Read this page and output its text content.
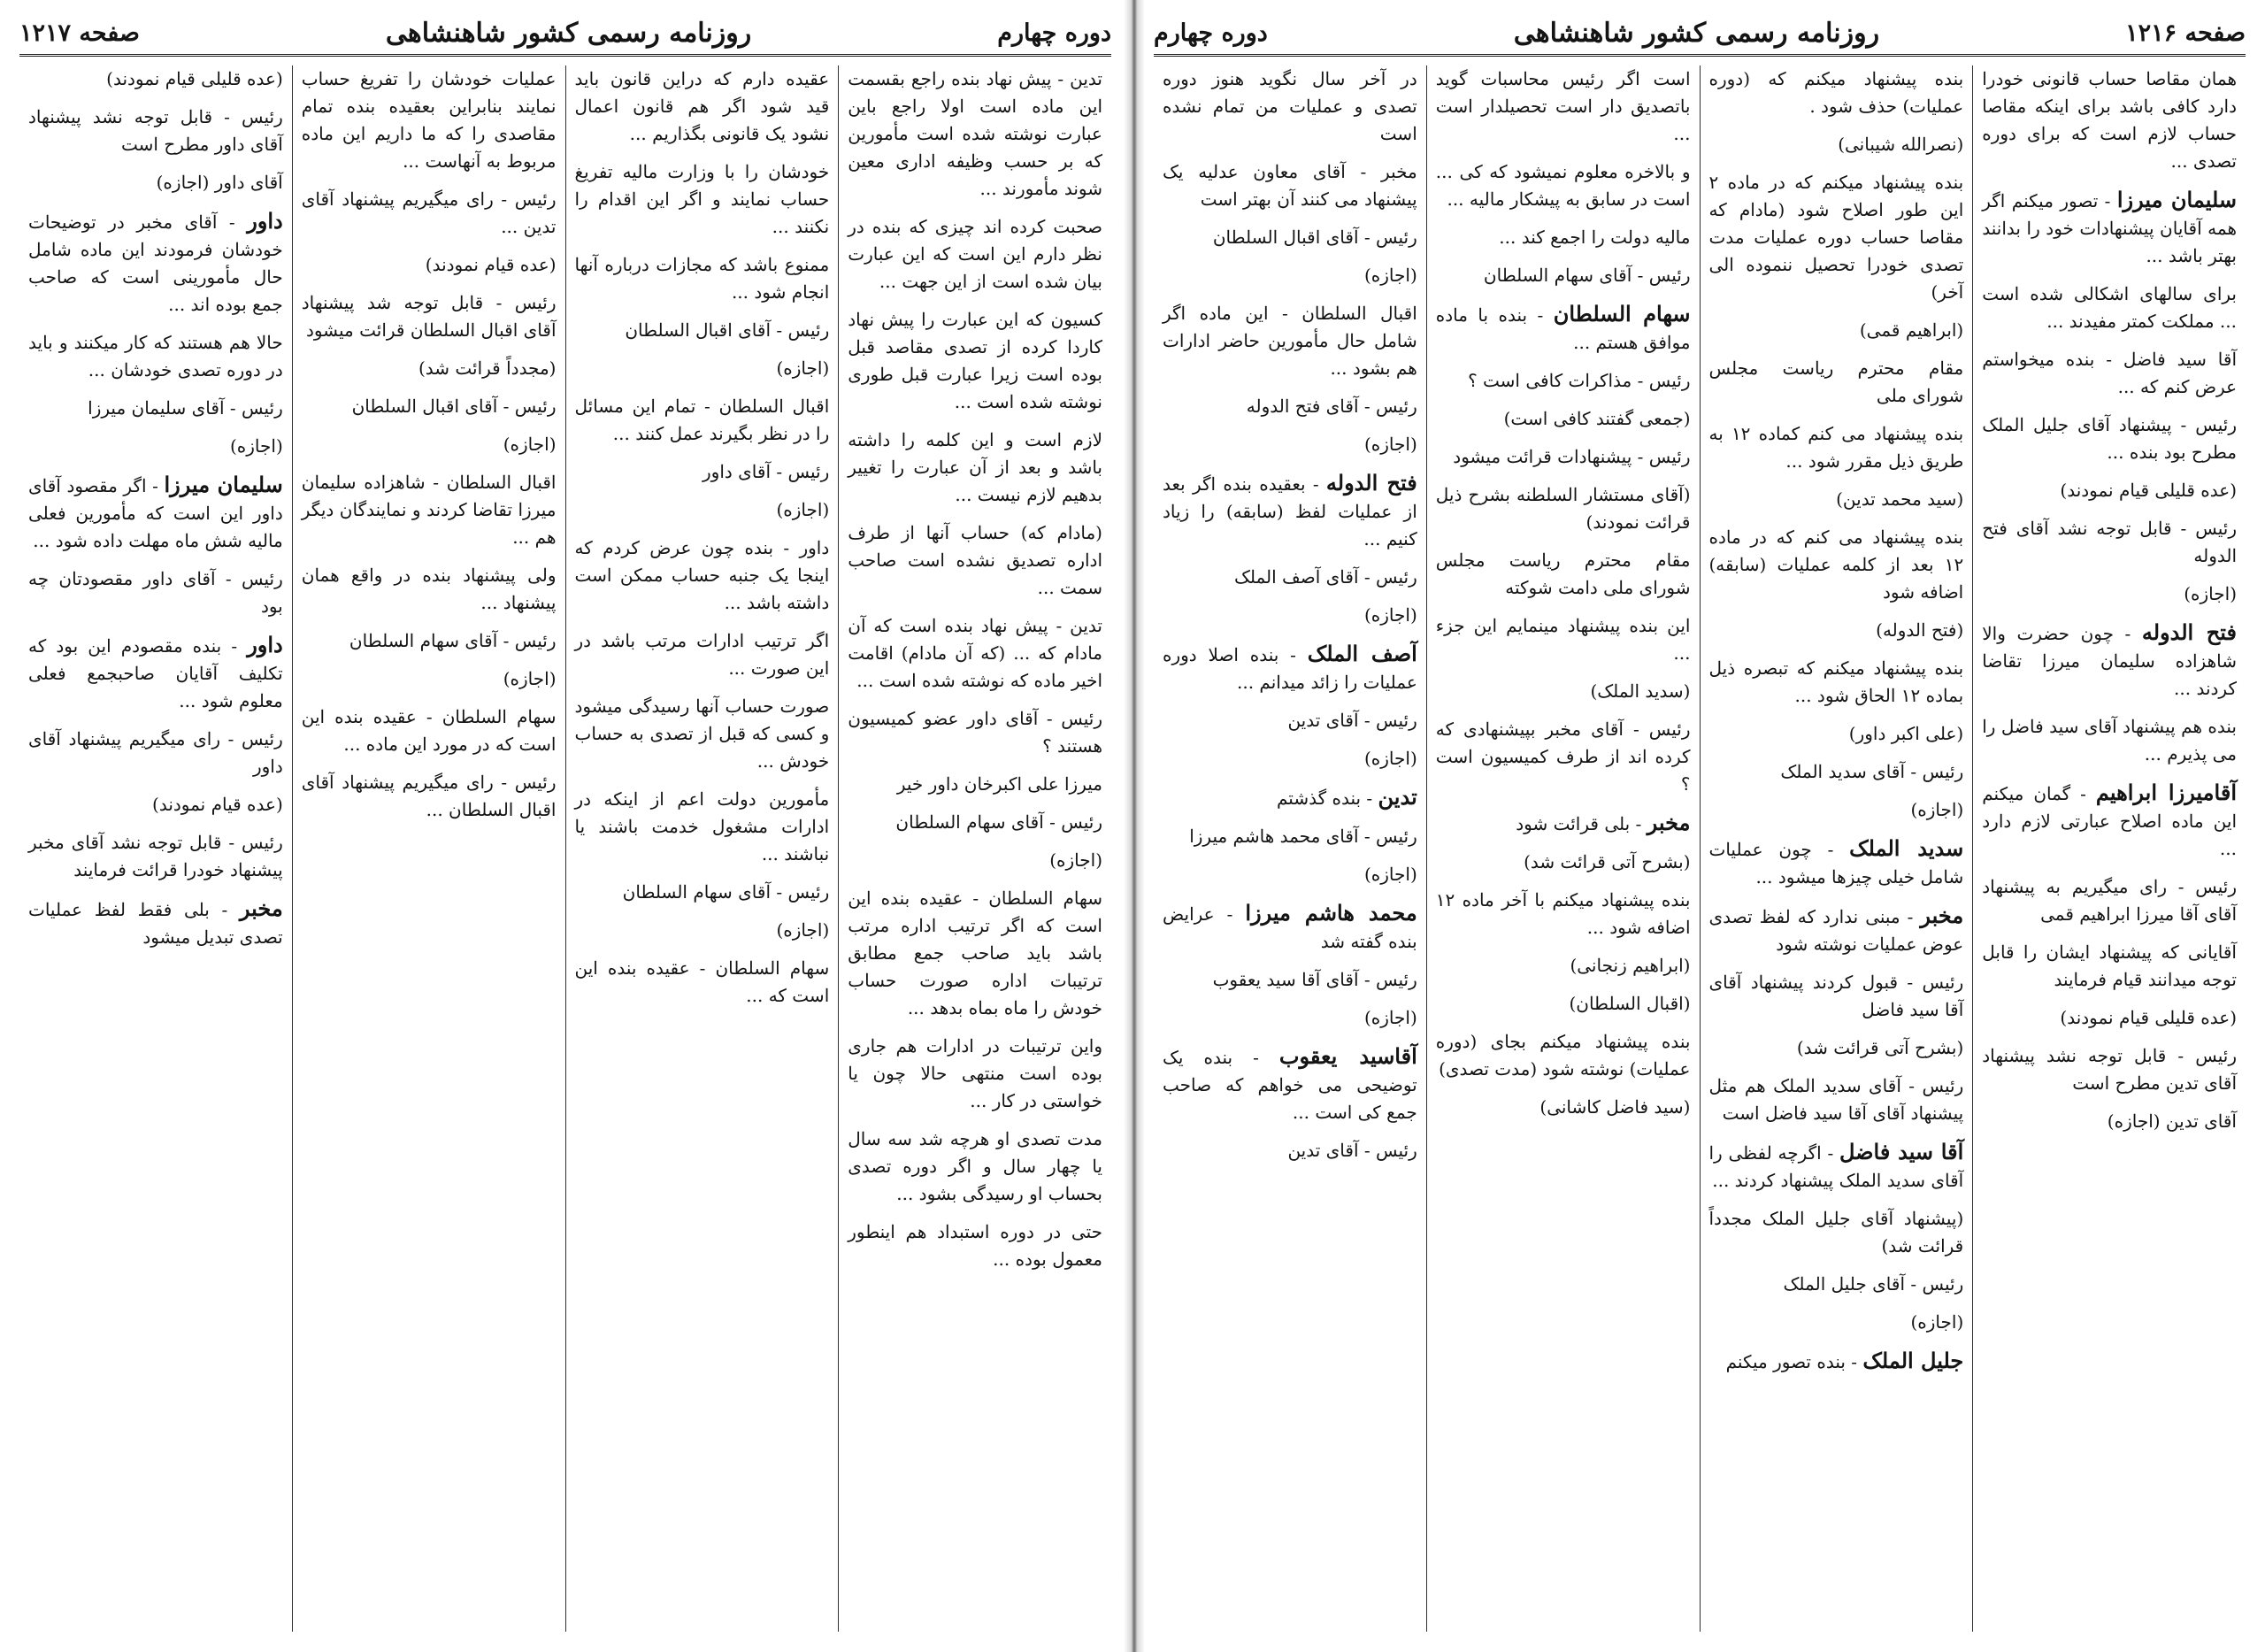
صفحه ۱۲۱۶
روزنامه رسمی کشور شاهنشاهی
دوره چهارم

همان مقاصا حساب قانونی خودرا دارد کافی باشد برای اینکه مقاصا حساب لازم است که برای دوره تصدی ...

سلیمان میرزا - تصور میکنم اگر همه آقایان پیشنهادات خود را بدانند بهتر باشد ...

برای سالهای اشکالی شده است ... مملکت کمتر مفیدند ...

آقا سید فاضل - بنده میخواستم عرض کنم که ...

رئیس - پیشنهاد آقای جلیل الملک مطرح بود بنده ...

(عده قلیلی قیام نمودند)

رئیس - قابل توجه نشد آقای فتح الدوله

(اجازه)

فتح الدوله - چون حضرت والا شاهزاده سلیمان میرزا تقاضا کردند ...

بنده هم پیشنهاد آقای سید فاضل را می پذیرم ...

آقامیرزا ابراهیم - گمان میکنم این ماده اصلاح عبارتی لازم دارد ...

رئیس - رای میگیریم به پیشنهاد آقای آقا میرزا ابراهیم قمی

آقایانی که پیشنهاد ایشان را قابل توجه میدانند قیام فرمایند

(عده قلیلی قیام نمودند)

رئیس - قابل توجه نشد پیشنهاد آقای تدین مطرح است

آقای تدین (اجازه)

بنده پیشنهاد میکنم که (دوره عملیات) حذف شود .

(نصرالله شیبانی)

بنده پیشنهاد میکنم که در ماده ۲ این طور اصلاح شود (مادام که مقاصا حساب دوره عملیات مدت تصدی خودرا تحصیل ننموده الی آخر)

(ابراهیم قمی)

مقام محترم ریاست مجلس شورای ملی

بنده پیشنهاد می کنم کماده ۱۲ به طریق ذیل مقرر شود ...

(سید محمد تدین)

بنده پیشنهاد می کنم که در ماده ۱۲ بعد از کلمه عملیات (سابقه) اضافه شود

(فتح الدوله)

بنده پیشنهاد میکنم که تبصره ذیل بماده ۱۲ الحاق شود ...

(علی اکبر داور)

رئیس - آقای سدید الملک

(اجازه)

سدید الملک - چون عملیات شامل خیلی چیزها میشود ...

مخبر - مبنی ندارد که لفظ تصدی عوض عملیات نوشته شود

رئیس - قبول کردند پیشنهاد آقای آقا سید فاضل

(بشرح آتی قرائت شد)

رئیس - آقای سدید الملک هم مثل پیشنهاد آقای آقا سید فاضل است

آقا سید فاضل - اگرچه لفظی را آقای سدید الملک پیشنهاد کردند ...

(پیشنهاد آقای جلیل الملک مجدداً قرائت شد)

رئیس - آقای جلیل الملک

(اجازه)

جلیل الملک - بنده تصور میکنم

است اگر رئیس محاسبات گوید باتصدیق دار است تحصیلدار است ...

و بالاخره معلوم نمیشود که کی ... است در سابق به پیشکار مالیه ...

مالیه دولت را اجمع کند ...

رئیس - آقای سهام السلطان

سهام السلطان - بنده با ماده موافق هستم ...

رئیس - مذاکرات کافی است ؟

(جمعی گفتند کافی است)

رئیس - پیشنهادات قرائت میشود

(آقای مستشار السلطنه بشرح ذیل قرائت نمودند)

مقام محترم ریاست مجلس شورای ملی دامت شوکته

این بنده پیشنهاد مینمایم این جزء ...

(سدید الملک)

رئیس - آقای مخبر بپیشنهادی که کرده اند از طرف کمیسیون است ؟

مخبر - بلی قرائت شود

(بشرح آتی قرائت شد)

بنده پیشنهاد میکنم با آخر ماده ۱۲ اضافه شود ...

(ابراهیم زنجانی)

(اقبال السلطان)

بنده پیشنهاد میکنم بجای (دوره عملیات) نوشته شود (مدت تصدی)

(سید فاضل کاشانی)

در آخر سال نگوید هنوز دوره تصدی و عملیات من تمام نشده است

مخبر - آقای معاون عدلیه یک پیشنهاد می کنند آن بهتر است

رئیس - آقای اقبال السلطان

(اجازه)

اقبال السلطان - این ماده اگر شامل حال مأمورین حاضر ادارات هم بشود ...

رئیس - آقای فتح الدوله

(اجازه)

فتح الدوله - بعقیده بنده اگر بعد از عملیات لفظ (سابقه) را زیاد کنیم ...

رئیس - آقای آصف الملک

(اجازه)

آصف الملک - بنده اصلا دوره عملیات را زائد میدانم ...

رئیس - آقای تدین

(اجازه)

تدین - بنده گذشتم

رئیس - آقای محمد هاشم میرزا

(اجازه)

محمد هاشم میرزا - عرایض بنده گفته شد

رئیس - آقای آقا سید یعقوب

(اجازه)

آقاسید یعقوب - بنده یک توضیحی می خواهم که صاحب جمع کی است ...

رئیس - آقای تدین

دوره چهارم
روزنامه رسمی کشور شاهنشاهی
صفحه ۱۲۱۷

تدین - پیش نهاد بنده راجع بقسمت این ماده است اولا راجع باین عبارت نوشته شده است مأمورین که بر حسب وظیفه اداری معین شوند مأمورند ...

صحبت کرده اند چیزی که بنده در نظر دارم این است که این عبارت بیان شده است از این جهت ...

کسیون که این عبارت را پیش نهاد کاردا کرده از تصدی مقاصد قبل بوده است زیرا عبارت قبل طوری نوشته شده است ...

لازم است و این کلمه را داشته باشد و بعد از آن عبارت را تغییر بدهیم لازم نیست ...

(مادام که) حساب آنها از طرف اداره تصدیق نشده است صاحب سمت ...

تدین - پیش نهاد بنده است که آن مادام که ... (که آن مادام) اقامت اخیر ماده که نوشته شده است ...

رئیس - آقای داور عضو کمیسیون هستند ؟

میرزا علی اکبرخان داور خیر

رئیس - آقای سهام السلطان

(اجازه)

سهام السلطان - عقیده بنده این است که اگر ترتیب اداره مرتب باشد باید صاحب جمع مطابق ترتیبات اداره صورت حساب خودش را ماه بماه بدهد ...

واین ترتیبات در ادارات هم جاری بوده است منتهی حالا چون یا خواستی در کار ...

مدت تصدی او هرچه شد سه سال یا چهار سال و اگر دوره تصدی بحساب او رسیدگی بشود ...

حتی در دوره استبداد هم اینطور معمول بوده ...

عقیده دارم که دراین قانون باید قید شود اگر هم قانون اعمال نشود یک قانونی بگذاریم ...

خودشان را با وزارت مالیه تفریغ حساب نمایند و اگر این اقدام را نکنند ...

ممنوع باشد که مجازات درباره آنها انجام شود ...

رئیس - آقای اقبال السلطان

(اجازه)

اقبال السلطان - تمام این مسائل را در نظر بگیرند عمل کنند ...

رئیس - آقای داور

(اجازه)

داور - بنده چون عرض کردم که اینجا یک جنبه حساب ممکن است داشته باشد ...

اگر ترتیب ادارات مرتب باشد در این صورت ...

صورت حساب آنها رسیدگی میشود و کسی که قبل از تصدی به حساب خودش ...

مأمورین دولت اعم از اینکه در ادارات مشغول خدمت باشند یا نباشند ...

رئیس - آقای سهام السلطان

(اجازه)

سهام السلطان - عقیده بنده این است که ...

عملیات خودشان را تفریغ حساب نمایند بنابراین بعقیده بنده تمام مقاصدی را که ما داریم این ماده مربوط به آنهاست ...

رئیس - رای میگیریم پیشنهاد آقای تدین ...

(عده قیام نمودند)

رئیس - قابل توجه شد پیشنهاد آقای اقبال السلطان قرائت میشود

(مجدداً قرائت شد)

رئیس - آقای اقبال السلطان

(اجازه)

اقبال السلطان - شاهزاده سلیمان میرزا تقاضا کردند و نمایندگان دیگر هم ...

ولی پیشنهاد بنده در واقع همان پیشنهاد ...

رئیس - آقای سهام السلطان

(اجازه)

سهام السلطان - عقیده بنده این است که در مورد این ماده ...

رئیس - رای میگیریم پیشنهاد آقای اقبال السلطان ...

(عده قلیلی قیام نمودند)

رئیس - قابل توجه نشد پیشنهاد آقای داور مطرح است

آقای داور (اجازه)

داور - آقای مخبر در توضیحات خودشان فرمودند این ماده شامل حال مأمورینی است که صاحب جمع بوده اند ...

حالا هم هستند که کار میکنند و باید در دوره تصدی خودشان ...

رئیس - آقای سلیمان میرزا

(اجازه)

سلیمان میرزا - اگر مقصود آقای داور این است که مأمورین فعلی مالیه شش ماه مهلت داده شود ...

رئیس - آقای داور مقصودتان چه بود

داور - بنده مقصودم این بود که تکلیف آقایان صاحبجمع فعلی معلوم شود ...

رئیس - رای میگیریم پیشنهاد آقای داور

(عده قیام نمودند)

رئیس - قابل توجه نشد آقای مخبر پیشنهاد خودرا قرائت فرمایند

مخبر - بلی فقط لفظ عملیات تصدی تبدیل میشود
